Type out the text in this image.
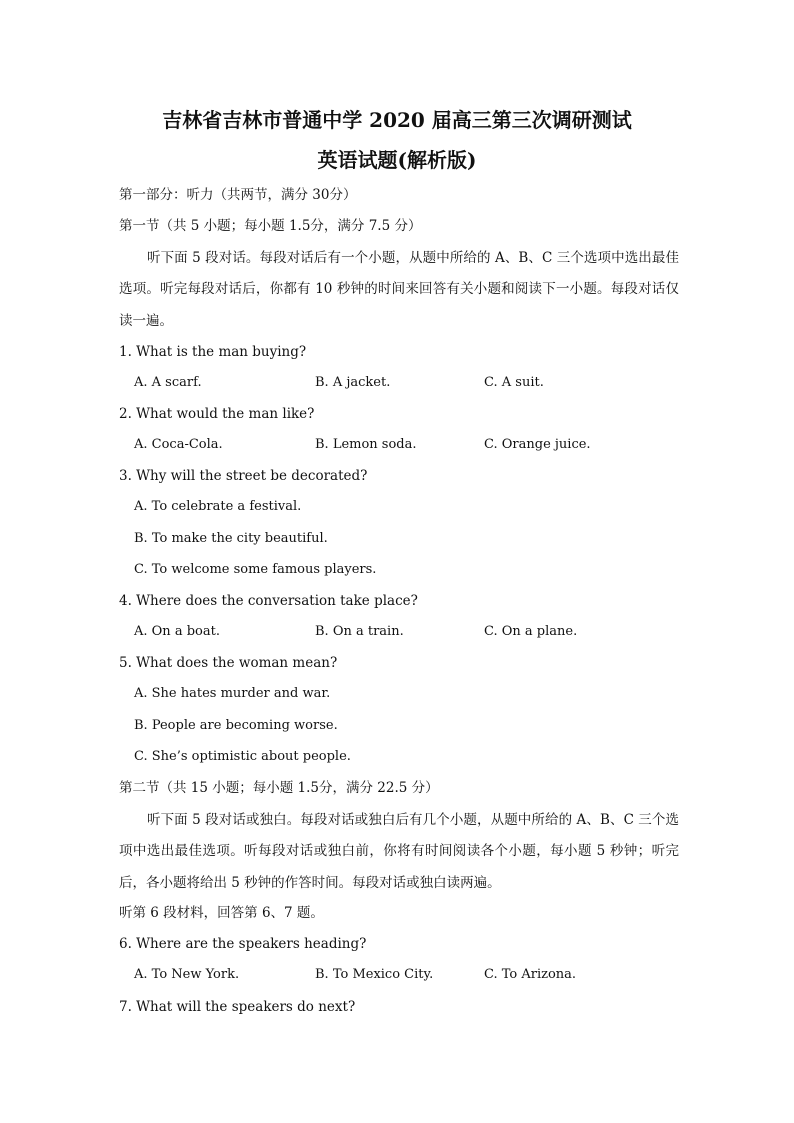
吉林省吉林市普通中学 2020 届高三第三次调研测试
英语试题(解析版)
第一部分：听力（共两节，满分 30分）
第一节（共 5 小题；每小题 1.5分，满分 7.5 分）
听下面 5 段对话。每段对话后有一个小题，从题中所给的 A、B、C 三个选项中选出最佳选项。听完每段对话后，你都有 10 秒钟的时间来回答有关小题和阅读下一小题。每段对话仅读一遍。
1. What is the man buying?
A. A scarf.	B. A jacket.	C. A suit.
2. What would the man like?
A. Coca-Cola.	B. Lemon soda.	C. Orange juice.
3. Why will the street be decorated?
A. To celebrate a festival.
B. To make the city beautiful.
C. To welcome some famous players.
4. Where does the conversation take place?
A. On a boat.	B. On a train.	C. On a plane.
5. What does the woman mean?
A. She hates murder and war.
B. People are becoming worse.
C. She’s optimistic about people.
第二节（共 15 小题；每小题 1.5分，满分 22.5 分）
听下面 5 段对话或独白。每段对话或独白后有几个小题，从题中所给的 A、B、C 三个选项中选出最佳选项。听每段对话或独白前，你将有时间阅读各个小题，每小题 5 秒钟；听完后，各小题将给出 5 秒钟的作答时间。每段对话或独白读两遍。
听第 6 段材料，回答第 6、7 题。
6. Where are the speakers heading?
A. To New York.	B. To Mexico City.	C. To Arizona.
7. What will the speakers do next?
